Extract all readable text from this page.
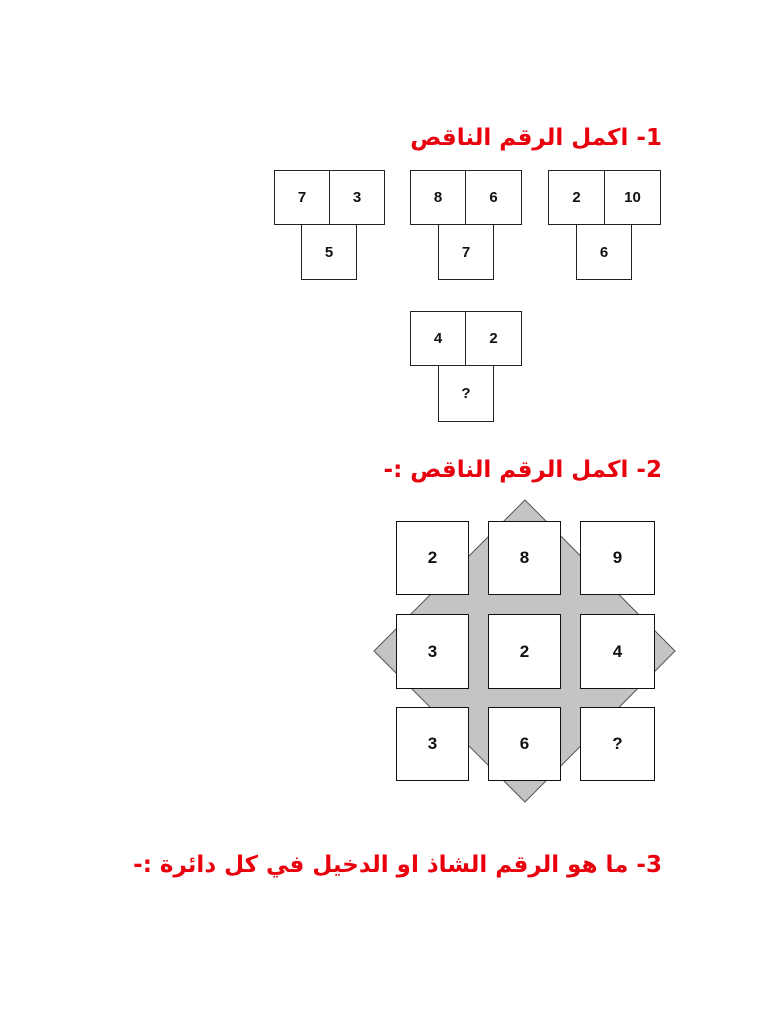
1- اكمل الرقم الناقص
7	3
5
8	6
7
2	10
6
4	2
?
2- اكمل الرقم الناقص :-
2	8	9
3	2	4
3	6	?
3- ما هو الرقم الشاذ او الدخيل في كل دائرة :-
